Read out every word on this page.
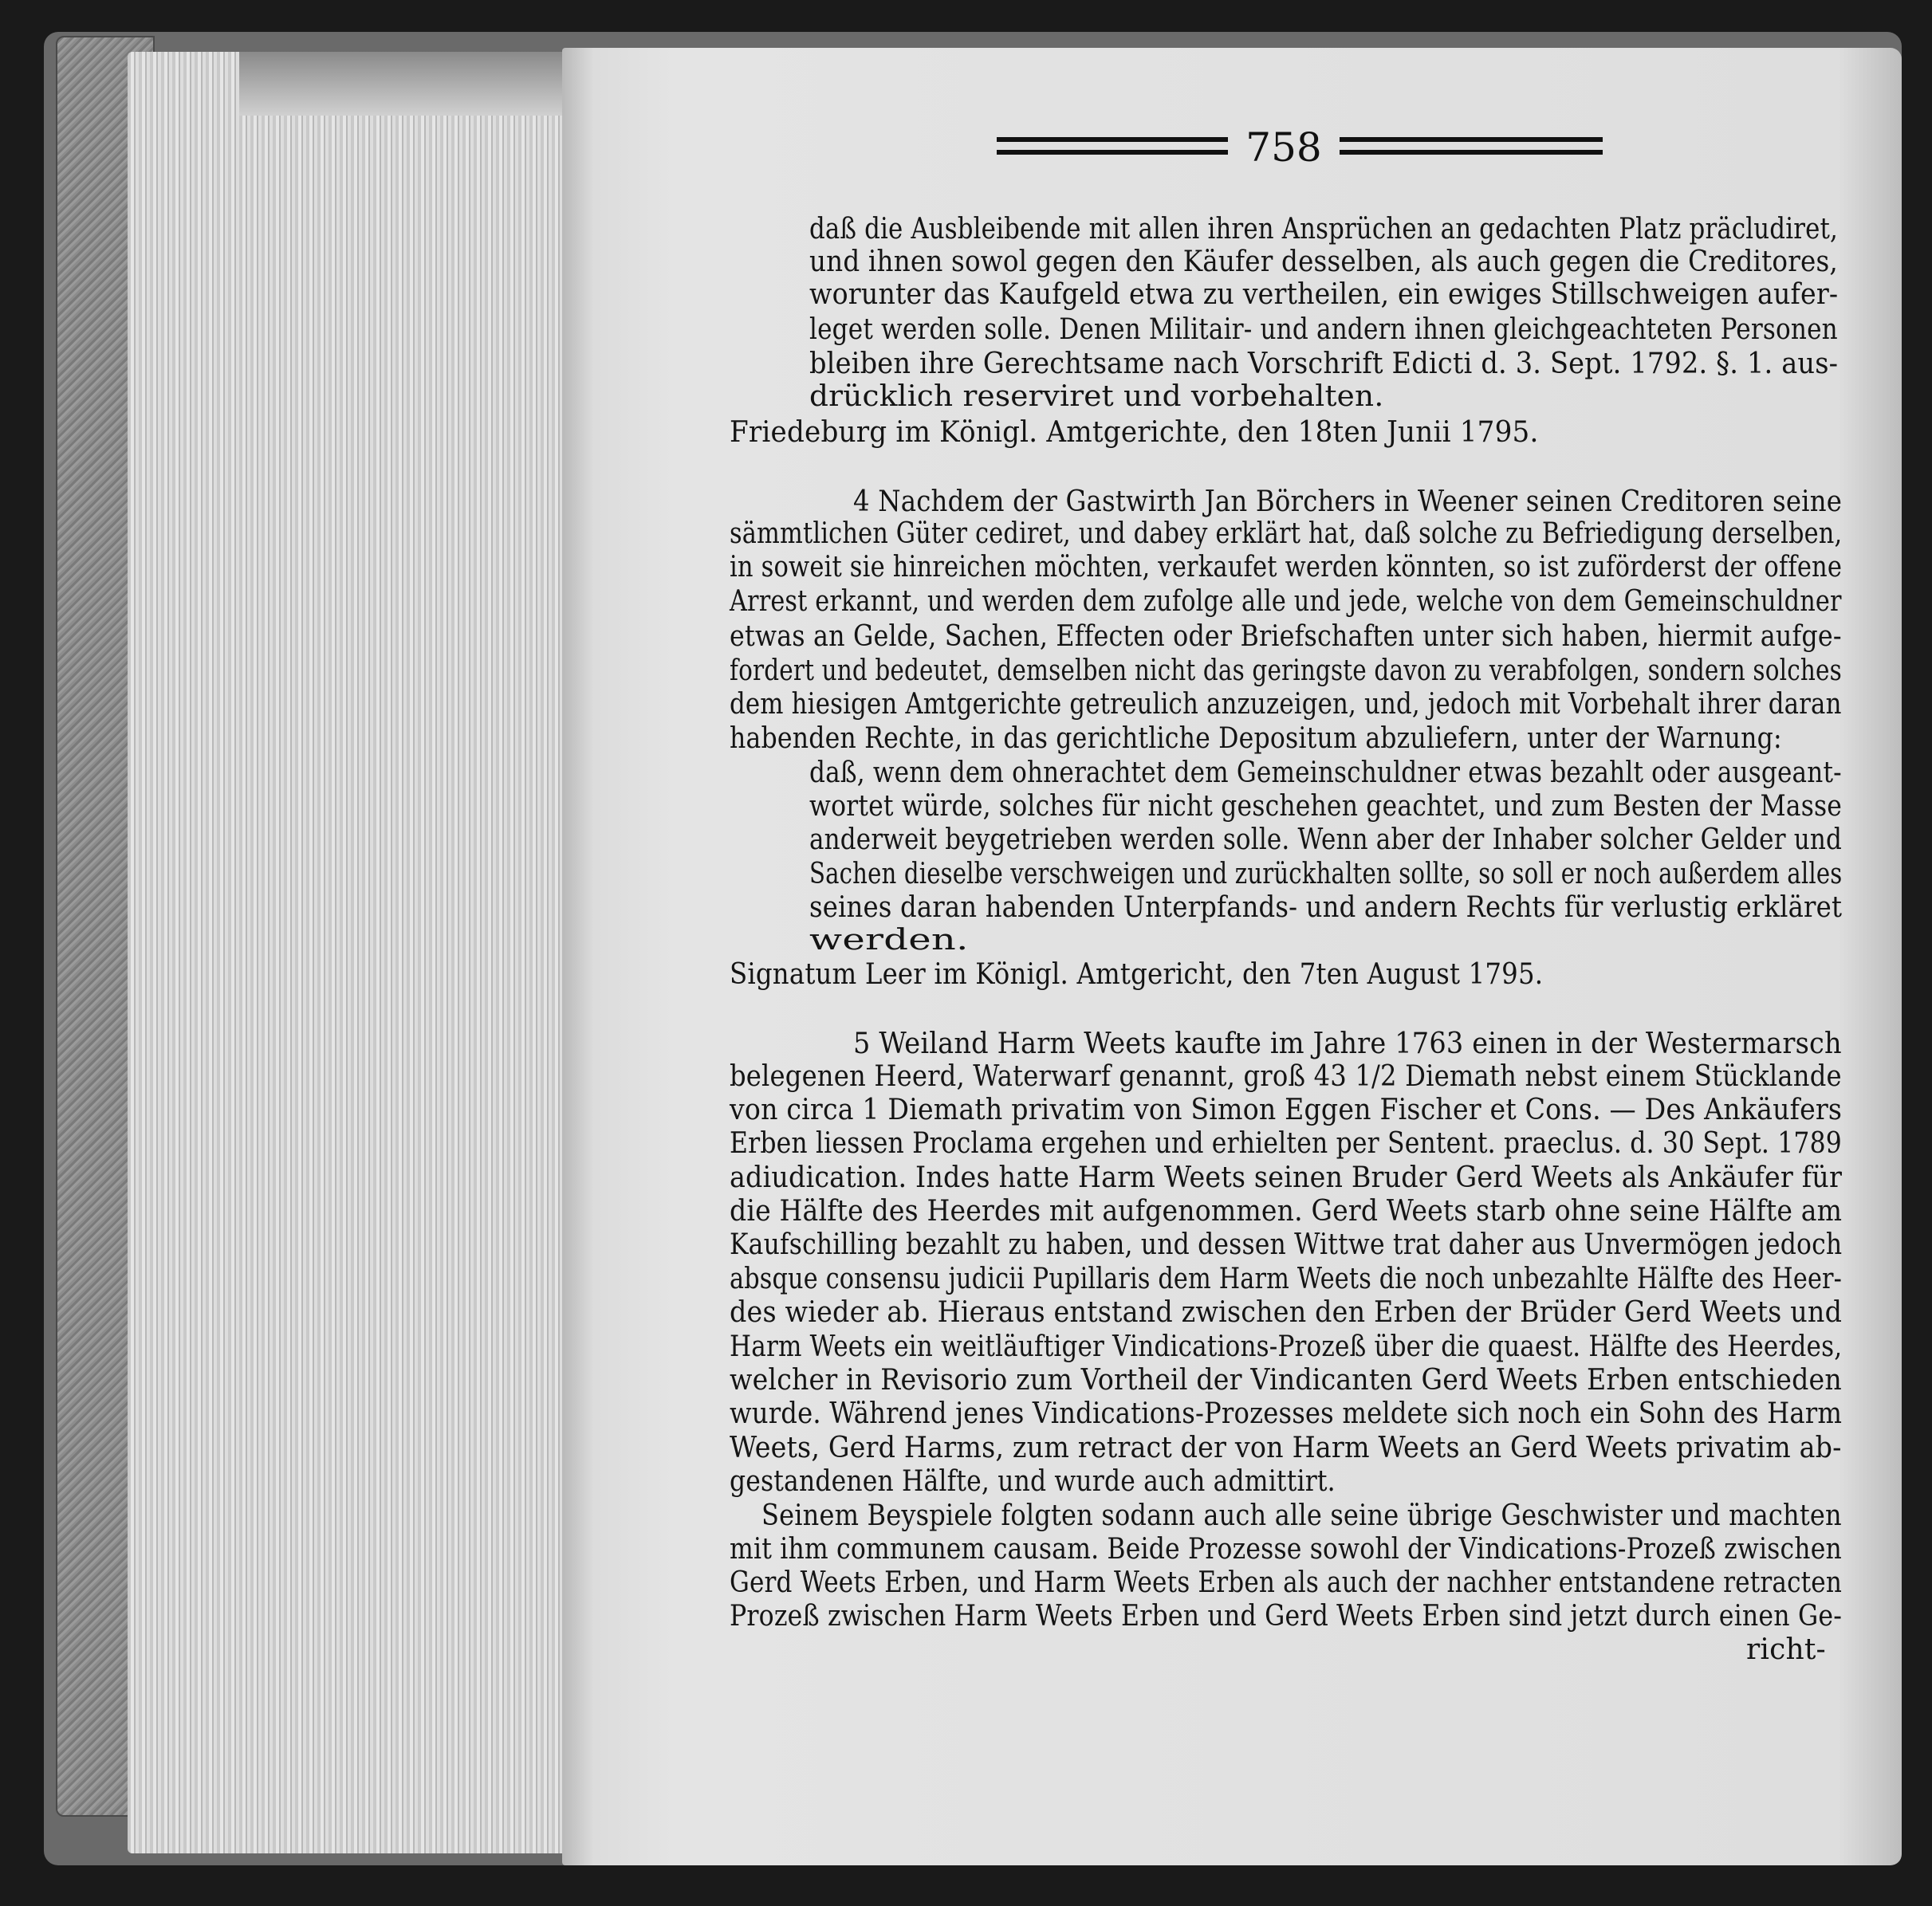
758
daß die Ausbleibende mit allen ihren Ansprüchen an gedachten Platz präcludiret,
und ihnen sowol gegen den Käufer desselben, als auch gegen die Creditores,
worunter das Kaufgeld etwa zu vertheilen, ein ewiges Stillschweigen aufer-
leget werden solle. Denen Militair- und andern ihnen gleichgeachteten Personen
bleiben ihre Gerechtsame nach Vorschrift Edicti d. 3. Sept. 1792. §. 1. aus-
drücklich reserviret und vorbehalten.
Friedeburg im Königl. Amtgerichte, den 18ten Junii 1795.
4 Nachdem der Gastwirth Jan Börchers in Weener seinen Creditoren seine
sämmtlichen Güter cediret, und dabey erklärt hat, daß solche zu Befriedigung derselben,
in soweit sie hinreichen möchten, verkaufet werden könnten, so ist zuförderst der offene
Arrest erkannt, und werden dem zufolge alle und jede, welche von dem Gemeinschuldner
etwas an Gelde, Sachen, Effecten oder Briefschaften unter sich haben, hiermit aufge-
fordert und bedeutet, demselben nicht das geringste davon zu verabfolgen, sondern solches
dem hiesigen Amtgerichte getreulich anzuzeigen, und, jedoch mit Vorbehalt ihrer daran
habenden Rechte, in das gerichtliche Depositum abzuliefern, unter der Warnung:
daß, wenn dem ohnerachtet dem Gemeinschuldner etwas bezahlt oder ausgeant-
wortet würde, solches für nicht geschehen geachtet, und zum Besten der Masse
anderweit beygetrieben werden solle. Wenn aber der Inhaber solcher Gelder und
Sachen dieselbe verschweigen und zurückhalten sollte, so soll er noch außerdem alles
seines daran habenden Unterpfands- und andern Rechts für verlustig erkläret
werden.
Signatum Leer im Königl. Amtgericht, den 7ten August 1795.
5 Weiland Harm Weets kaufte im Jahre 1763 einen in der Westermarsch
belegenen Heerd, Waterwarf genannt, groß 43 1/2 Diemath nebst einem Stücklande
von circa 1 Diemath privatim von Simon Eggen Fischer et Cons. — Des Ankäufers
Erben liessen Proclama ergehen und erhielten per Sentent. praeclus. d. 30 Sept. 1789
adiudication. Indes hatte Harm Weets seinen Bruder Gerd Weets als Ankäufer für
die Hälfte des Heerdes mit aufgenommen. Gerd Weets starb ohne seine Hälfte am
Kaufschilling bezahlt zu haben, und dessen Wittwe trat daher aus Unvermögen jedoch
absque consensu judicii Pupillaris dem Harm Weets die noch unbezahlte Hälfte des Heer-
des wieder ab. Hieraus entstand zwischen den Erben der Brüder Gerd Weets und
Harm Weets ein weitläuftiger Vindications-Prozeß über die quaest. Hälfte des Heerdes,
welcher in Revisorio zum Vortheil der Vindicanten Gerd Weets Erben entschieden
wurde. Während jenes Vindications-Prozesses meldete sich noch ein Sohn des Harm
Weets, Gerd Harms, zum retract der von Harm Weets an Gerd Weets privatim ab-
gestandenen Hälfte, und wurde auch admittirt.
Seinem Beyspiele folgten sodann auch alle seine übrige Geschwister und machten
mit ihm communem causam. Beide Prozesse sowohl der Vindications-Prozeß zwischen
Gerd Weets Erben, und Harm Weets Erben als auch der nachher entstandene retracten
Prozeß zwischen Harm Weets Erben und Gerd Weets Erben sind jetzt durch einen Ge-
richt-
